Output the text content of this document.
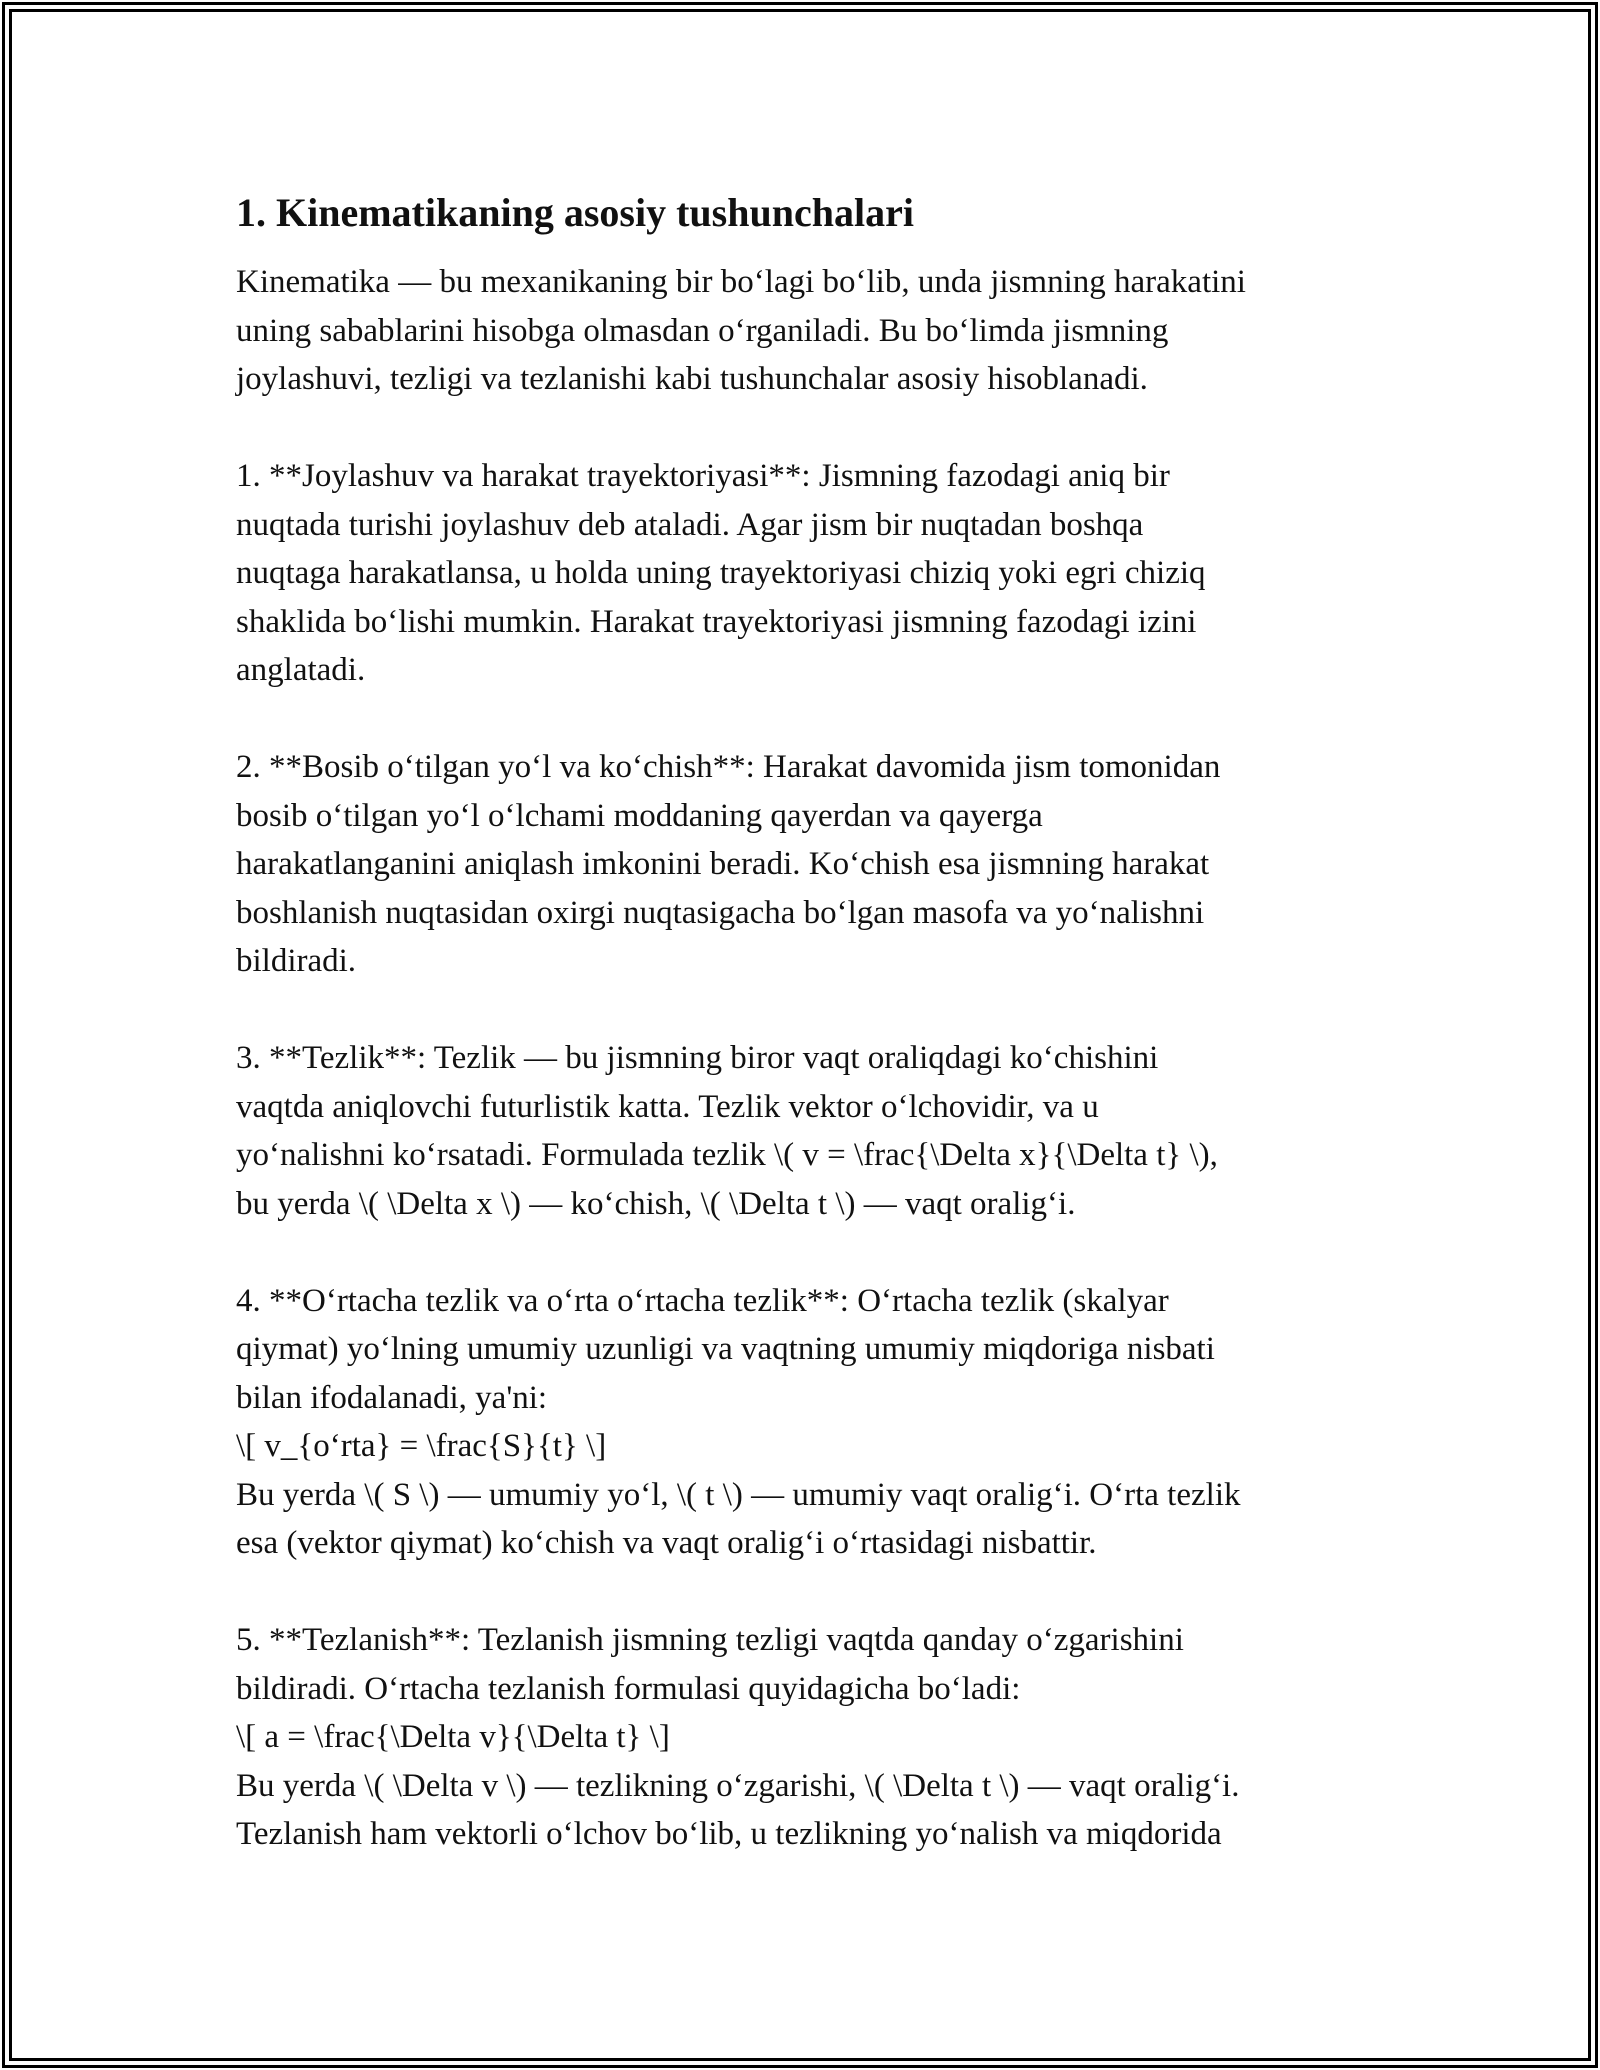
1. Kinematikaning asosiy tushunchalari

Kinematika — bu mexanikaning bir bo‘lagi bo‘lib, unda jismning harakatini
uning sabablarini hisobga olmasdan o‘rganiladi. Bu bo‘limda jismning
joylashuvi, tezligi va tezlanishi kabi tushunchalar asosiy hisoblanadi.

1. **Joylashuv va harakat trayektoriyasi**: Jismning fazodagi aniq bir
nuqtada turishi joylashuv deb ataladi. Agar jism bir nuqtadan boshqa
nuqtaga harakatlansa, u holda uning trayektoriyasi chiziq yoki egri chiziq
shaklida bo‘lishi mumkin. Harakat trayektoriyasi jismning fazodagi izini
anglatadi.

2. **Bosib o‘tilgan yo‘l va ko‘chish**: Harakat davomida jism tomonidan
bosib o‘tilgan yo‘l o‘lchami moddaning qayerdan va qayerga
harakatlanganini aniqlash imkonini beradi. Ko‘chish esa jismning harakat
boshlanish nuqtasidan oxirgi nuqtasigacha bo‘lgan masofa va yo‘nalishni
bildiradi.

3. **Tezlik**: Tezlik — bu jismning biror vaqt oraliqdagi ko‘chishini
vaqtda aniqlovchi futurlistik katta. Tezlik vektor o‘lchovidir, va u
yo‘nalishni ko‘rsatadi. Formulada tezlik \( v = \frac{\Delta x}{\Delta t} \),
bu yerda \( \Delta x \) — ko‘chish, \( \Delta t \) — vaqt oralig‘i.

4. **O‘rtacha tezlik va o‘rta o‘rtacha tezlik**: O‘rtacha tezlik (skalyar
qiymat) yo‘lning umumiy uzunligi va vaqtning umumiy miqdoriga nisbati
bilan ifodalanadi, ya'ni:
\[ v_{o‘rta} = \frac{S}{t} \]
Bu yerda \( S \) — umumiy yo‘l, \( t \) — umumiy vaqt oralig‘i. O‘rta tezlik
esa (vektor qiymat) ko‘chish va vaqt oralig‘i o‘rtasidagi nisbattir.

5. **Tezlanish**: Tezlanish jismning tezligi vaqtda qanday o‘zgarishini
bildiradi. O‘rtacha tezlanish formulasi quyidagicha bo‘ladi:
\[ a = \frac{\Delta v}{\Delta t} \]
Bu yerda \( \Delta v \) — tezlikning o‘zgarishi, \( \Delta t \) — vaqt oralig‘i.
Tezlanish ham vektorli o‘lchov bo‘lib, u tezlikning yo‘nalish va miqdorida
